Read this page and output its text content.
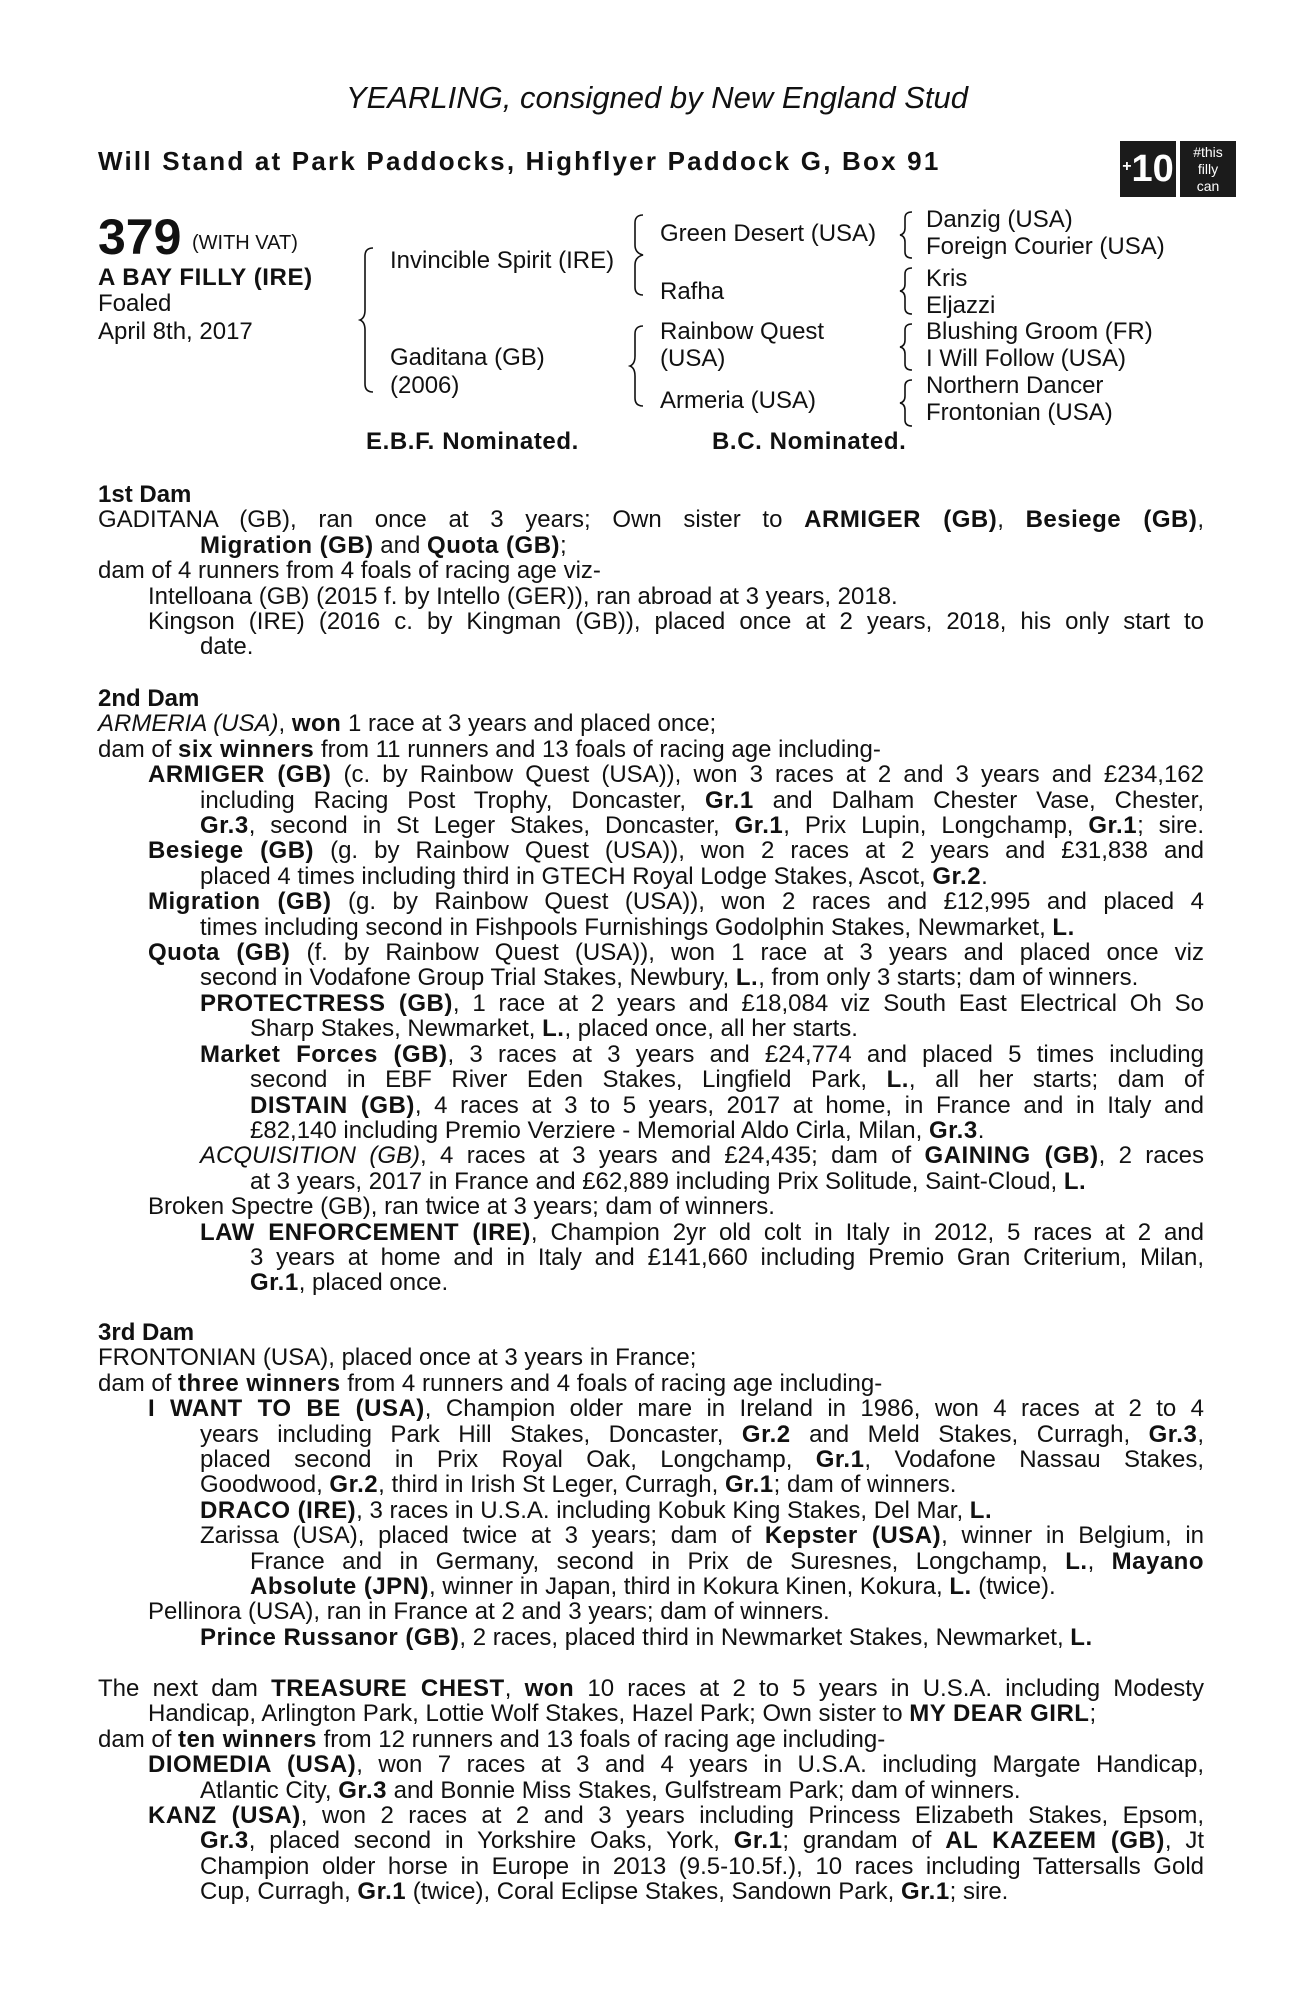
YEARLING, consigned by New England Stud
Will Stand at Park Paddocks, Highflyer Paddock G, Box 91	+10	#this
filly
can
379 (WITH VAT)
A BAY FILLY (IRE)
Foaled
April 8th, 2017
Invincible Spirit (IRE)
Gaditana (GB)
(2006)
Green Desert (USA)
Rafha
Rainbow Quest
(USA)
Armeria (USA)
Danzig (USA)
Foreign Courier (USA)
Kris
Eljazzi
Blushing Groom (FR)
I Will Follow (USA)
Northern Dancer
Frontonian (USA)
E.B.F. Nominated.	B.C. Nominated.
1st Dam
GADITANA (GB), ran once at 3 years; Own sister to ARMIGER (GB), Besiege (GB),
Migration (GB) and Quota (GB);
dam of 4 runners from 4 foals of racing age viz-
Intelloana (GB) (2015 f. by Intello (GER)), ran abroad at 3 years, 2018.
Kingson (IRE) (2016 c. by Kingman (GB)), placed once at 2 years, 2018, his only start to
date.
2nd Dam
ARMERIA (USA), won 1 race at 3 years and placed once;
dam of six winners from 11 runners and 13 foals of racing age including-
ARMIGER (GB) (c. by Rainbow Quest (USA)), won 3 races at 2 and 3 years and £234,162
including Racing Post Trophy, Doncaster, Gr.1 and Dalham Chester Vase, Chester,
Gr.3, second in St Leger Stakes, Doncaster, Gr.1, Prix Lupin, Longchamp, Gr.1; sire.
Besiege (GB) (g. by Rainbow Quest (USA)), won 2 races at 2 years and £31,838 and
placed 4 times including third in GTECH Royal Lodge Stakes, Ascot, Gr.2.
Migration (GB) (g. by Rainbow Quest (USA)), won 2 races and £12,995 and placed 4
times including second in Fishpools Furnishings Godolphin Stakes, Newmarket, L.
Quota (GB) (f. by Rainbow Quest (USA)), won 1 race at 3 years and placed once viz
second in Vodafone Group Trial Stakes, Newbury, L., from only 3 starts; dam of winners.
PROTECTRESS (GB), 1 race at 2 years and £18,084 viz South East Electrical Oh So
Sharp Stakes, Newmarket, L., placed once, all her starts.
Market Forces (GB), 3 races at 3 years and £24,774 and placed 5 times including
second in EBF River Eden Stakes, Lingfield Park, L., all her starts; dam of
DISTAIN (GB), 4 races at 3 to 5 years, 2017 at home, in France and in Italy and
£82,140 including Premio Verziere - Memorial Aldo Cirla, Milan, Gr.3.
ACQUISITION (GB), 4 races at 3 years and £24,435; dam of GAINING (GB), 2 races
at 3 years, 2017 in France and £62,889 including Prix Solitude, Saint-Cloud, L.
Broken Spectre (GB), ran twice at 3 years; dam of winners.
LAW ENFORCEMENT (IRE), Champion 2yr old colt in Italy in 2012, 5 races at 2 and
3 years at home and in Italy and £141,660 including Premio Gran Criterium, Milan,
Gr.1, placed once.
3rd Dam
FRONTONIAN (USA), placed once at 3 years in France;
dam of three winners from 4 runners and 4 foals of racing age including-
I WANT TO BE (USA), Champion older mare in Ireland in 1986, won 4 races at 2 to 4
years including Park Hill Stakes, Doncaster, Gr.2 and Meld Stakes, Curragh, Gr.3,
placed second in Prix Royal Oak, Longchamp, Gr.1, Vodafone Nassau Stakes,
Goodwood, Gr.2, third in Irish St Leger, Curragh, Gr.1; dam of winners.
DRACO (IRE), 3 races in U.S.A. including Kobuk King Stakes, Del Mar, L.
Zarissa (USA), placed twice at 3 years; dam of Kepster (USA), winner in Belgium, in
France and in Germany, second in Prix de Suresnes, Longchamp, L., Mayano
Absolute (JPN), winner in Japan, third in Kokura Kinen, Kokura, L. (twice).
Pellinora (USA), ran in France at 2 and 3 years; dam of winners.
Prince Russanor (GB), 2 races, placed third in Newmarket Stakes, Newmarket, L.
The next dam TREASURE CHEST, won 10 races at 2 to 5 years in U.S.A. including Modesty
Handicap, Arlington Park, Lottie Wolf Stakes, Hazel Park; Own sister to MY DEAR GIRL;
dam of ten winners from 12 runners and 13 foals of racing age including-
DIOMEDIA (USA), won 7 races at 3 and 4 years in U.S.A. including Margate Handicap,
Atlantic City, Gr.3 and Bonnie Miss Stakes, Gulfstream Park; dam of winners.
KANZ (USA), won 2 races at 2 and 3 years including Princess Elizabeth Stakes, Epsom,
Gr.3, placed second in Yorkshire Oaks, York, Gr.1; grandam of AL KAZEEM (GB), Jt
Champion older horse in Europe in 2013 (9.5-10.5f.), 10 races including Tattersalls Gold
Cup, Curragh, Gr.1 (twice), Coral Eclipse Stakes, Sandown Park, Gr.1; sire.
